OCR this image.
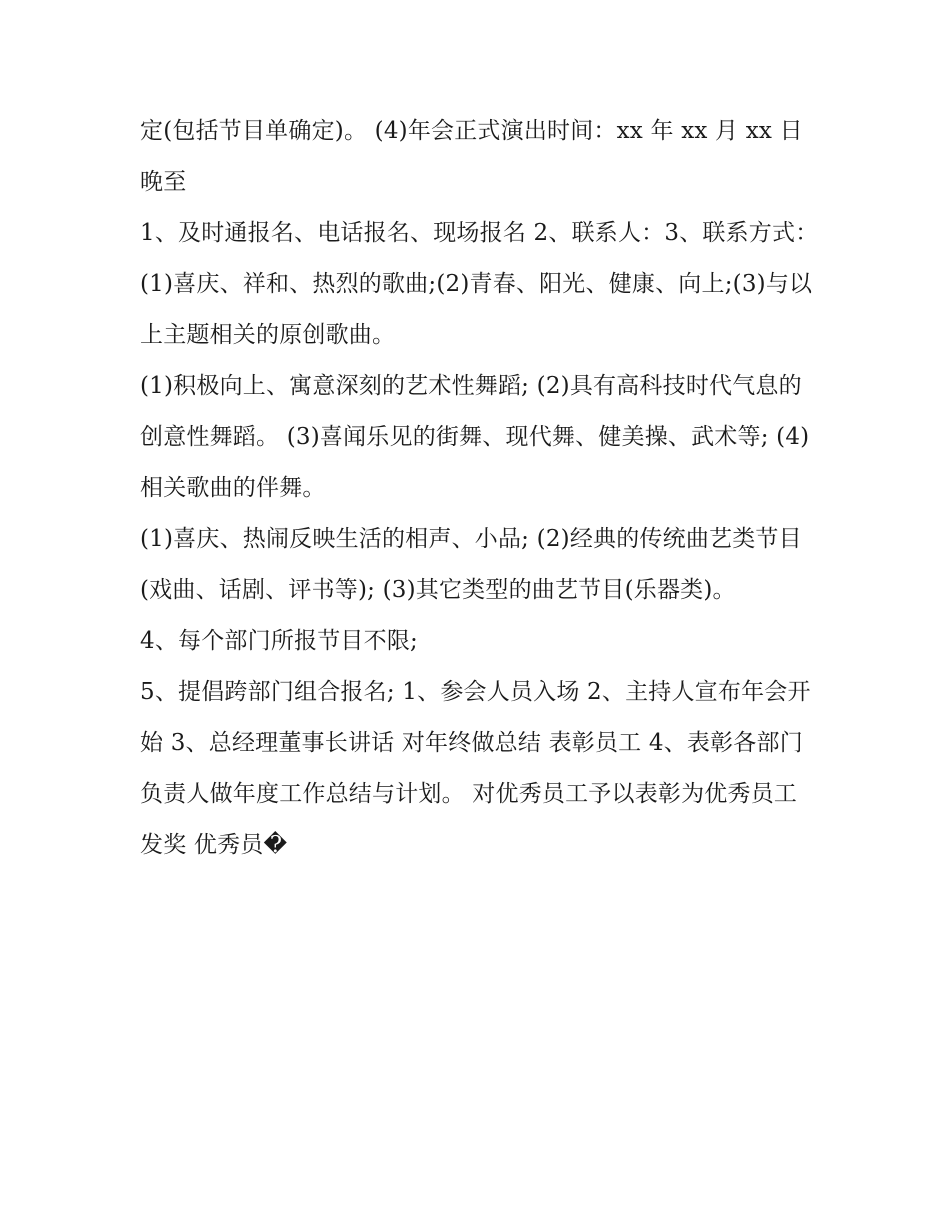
定(包括节目单确定)。 (4)年会正式演出时间：xx 年 xx 月 xx 日晚至

1、及时通报名、电话报名、现场报名 2、联系人：3、联系方式： (1)喜庆、祥和、热烈的歌曲;(2)青春、阳光、健康、向上;(3)与以上主题相关的原创歌曲。

(1)积极向上、寓意深刻的艺术性舞蹈; (2)具有高科技时代气息的创意性舞蹈。 (3)喜闻乐见的街舞、现代舞、健美操、武术等; (4)相关歌曲的伴舞。

(1)喜庆、热闹反映生活的相声、小品; (2)经典的传统曲艺类节目(戏曲、话剧、评书等); (3)其它类型的曲艺节目(乐器类)。

4、每个部门所报节目不限;

5、提倡跨部门组合报名; 1、参会人员入场 2、主持人宣布年会开始 3、总经理董事长讲话 对年终做总结 表彰员工 4、表彰各部门负责人做年度工作总结与计划。 对优秀员工予以表彰为优秀员工发奖 优秀员�
